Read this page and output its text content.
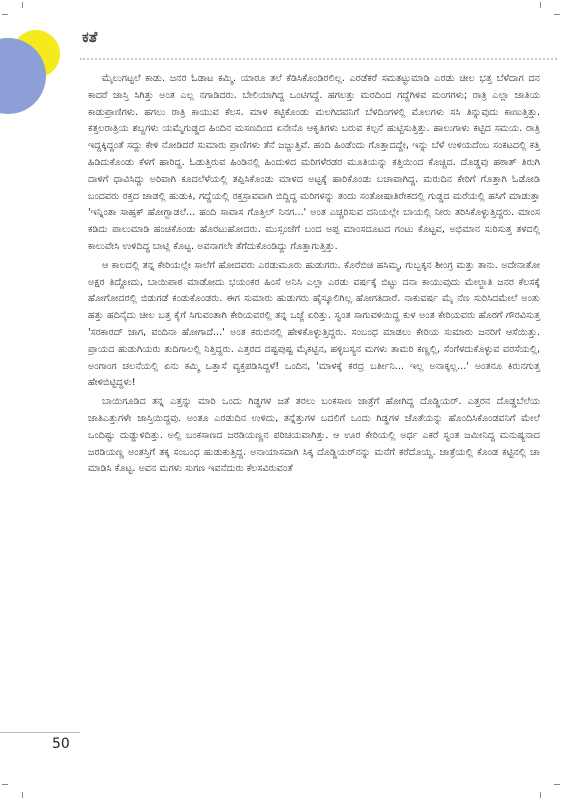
ಕತೆ

ಮೈಲುಗಟ್ಟಲೆ ಕಾಡು. ಜನರ ಓಡಾಟ ಕಮ್ಮಿ. ಯಾರೂ ತಲೆ ಕೆಡಿಸಿಕೊಂಡಿರಲಿಲ್ಲ. ಎರಡೆಕರೆ ಸಮತಟ್ಟುಮಾಡಿ ಎರಡು ಚೀಲ ಭತ್ತ ಬೆಳೆದಾಗ ದನ ಕಾದರೆ ಜಾಸ್ತಿ ಸಿಗಿತ್ತು ಅಂತ ಎಲ್ಲ ನಗಾಡಿದರು. ಬೇಲಿಯಾಗಿದ್ದ ಒಂಟಿಗದ್ದೆ. ಹಗಲತ್ತು ಮರದಿಂದ ಗದ್ದೆಗಿಳಿವ ಮಂಗಗಳು; ರಾತ್ರಿ ಎಲ್ಲಾ ಜಾತಿಯ ಕಾಡುಪ್ರಾಣಿಗಳು. ಹಗಲು ರಾತ್ರಿ ಕಾಯುವ ಕೆಲಸ. ಮಾಳ ಕಟ್ಟಿಕೊಂಡು ಮಲಗಿದವನಿಗೆ ಬೆಳದಿಂಗಳಲ್ಲಿ ಮೊಲಗಳು ಸಸಿ ತಿನ್ನುವುದು ಕಾಣುತ್ತಿತ್ತು. ಕತ್ತಲರಾತ್ರಿಯ ಶಬ್ದಗಳು ಯಮ್ಮೆಗುಡ್ಡದ ಹಿಂದಿನ ಮಸಣದಿಂದ ಏನೇನೊ ಆಕೃತಿಗಳು ಬರುವ ಕಲ್ಪನೆ ಹುಟ್ಟಿಸುತ್ತಿತ್ತು. ಹಾಲುಗಾಳು ಕಟ್ಟಿದ ಸಮಯ. ರಾತ್ರಿ ಇದ್ದಕ್ಕಿದ್ದಂತೆ ಸದ್ದು ಕೇಳಿ ನೋಡಿದರೆ ಸುಮಾರು ಪ್ರಾಣಿಗಳು ತೆನೆ ಜಜ್ಜುತ್ತಿವೆ. ಹಂದಿ ಹಿಂಡೆಂದು ಗೊತ್ತಾದದ್ದೇ, ಇನ್ನು ಬೆಳೆ ಉಳಿಯದೆಂಬ ಸಂಕಟದಲ್ಲಿ ಕತ್ತಿ ಹಿಡಿದುಕೊಂಡು ಕೆಳಗೆ ಹಾರಿದ್ದ. ಓಡುತ್ತಿರುವ ಹಿಂಡಿನಲ್ಲಿ ಹಿಂದುಳಿದ ಮರಿಗಳೆರಡರ ಮೂತಿಯನ್ನು ಕತ್ತಿಯಿಂದ ಕೊಚ್ಚಿದ. ದೊಡ್ಡವು ಹಠಾತ್ ತಿರುಗಿ ದಾಳಿಗೆ ಧಾವಿಸಿದ್ದು ಅರಿವಾಗಿ ಕೂದಲೆಳೆಯಲ್ಲಿ ತಪ್ಪಿಸಿಕೊಂಡು ಮಾಳದ ಅಟ್ಟಕ್ಕೆ ಹಾರಿಕೊಂಡು ಬಚಾವಾಗಿದ್ದ. ಮರುದಿನ ಕೇರಿಗೆ ಗೊತ್ತಾಗಿ ಓಡೋಡಿ ಬಂದವರು ರಕ್ತದ ಜಾಡಲ್ಲಿ ಹುಡುಕಿ, ಗದ್ದೆಯಲ್ಲಿ ರಕ್ತಸ್ರಾವವಾಗಿ ಬಿದ್ದಿದ್ದ ಮರಿಗಳನ್ನು ತಂದು ಸಂತೋಷಾತಿರೇಕದಲ್ಲಿ ಗುಡ್ಡದ ಮರೆಯಲ್ಲಿ ಹಸಿಗೆ ಮಾಡುತ್ತಾ 'ಇನ್ನಿಂತಾ ಸಾಹ್ಸಕ್ ಹೋಗ್ಬಾಡಲೆ... ಹಂದಿ ಸಾವಾಸ ಗೊತ್ತಿಲ್ ನಿನಗ...' ಅಂತ ಎಚ್ಚರಿಸುವ ದನಿಯಲ್ಲೇ ಬಾಯಲ್ಲಿ ನೀರು ತರಿಸಿಕೊಳ್ಳುತ್ತಿದ್ದರು. ಮಾಂಸ ಕಡಿದು ಪಾಲುಮಾಡಿ ಹಂಚಿಕೊಂಡು ಹೊರಟುಹೋದರು. ಮುಸ್ಸಂಜೆಗೆ ಬಂದ ಅಪ್ಪ ಮಾಂಸದೂಟದ ಗಂಟು ಕೊಟ್ಟವ, ಅಭಿಮಾನ ಸುರಿಸುತ್ತ ತಳದಲ್ಲಿ ಕಾಲುವೇಸಿ ಉಳಿದಿದ್ದ ಬಾಟ್ಲಿ ಕೊಟ್ಟ. ಅವನಾಗಲೇ ತೆಗೆದುಕೊಂಡಿದ್ದು ಗೊತ್ತಾಗುತ್ತಿತ್ತು.

ಆ ಕಾಲದಲ್ಲಿ ತನ್ನ ಕೇರಿಯಲ್ಲೇ ಸಾಲೆಗೆ ಹೋದವರು ಎರಡುಮೂರು ಹುಡುಗರು. ಕೊರೆಬಿಚಿ ಹಸಿಮ್ಮ, ಗುಬ್ಬಕ್ಕನ ಶೀಂಗ್ರ ಮತ್ತು ತಾನು. ಅದೇನಾತೋ ಅಕ್ಷರ ತಿದ್ದೋದು, ಬಾಯಿಪಾಠ ಮಾಡೋದು ಭಯಂಕರ ಹಿಂಸೆ ಅನಿಸಿ ಎಲ್ಲಾ ಎರಡು ವರ್ಷಕ್ಕೆ ಬಿಟ್ಟು ದನಾ ಕಾಯುವುದು ಮೇಲ್ಜಾತಿ ಜನರ ಕೆಲಸಕ್ಕೆ ಹೋಗೋದರಲ್ಲಿ ಬಿಡುಗಡೆ ಕಂಡುಕೊಂಡರು. ಈಗ ಸುಮಾರು ಹುಡುಗರು ಹೈಸ್ಕೂಲಿಗಿಲ್ಲ ಹೋಗತಿದಾರೆ. ನಾಕುವರ್ಷ ಮೈ ನೆಣ ಸುರಿಸಿದಮೇಲೆ ಅಂತು ಹತ್ತು ಹದಿನೈದು ಚೀಲ ಬತ್ತ ಕೈಗೆ ಸಿಗುವಂತಾಗಿ ಕೇರಿಯವರಲ್ಲಿ ತನ್ನ ಒಜ್ಜೆ ಏರಿತ್ತು. ಸ್ವಂತ ಸಾಗುವಳಿಯಿದ್ದ ಕುಳ ಅಂತ ಕೇರಿಯವರು ಹೊರಗೆ ಗೌರವಿಸುತ್ತ 'ಸರಕಾರದ್ ಜಾಗ, ವಂದಿನಾ ಹೋಗಾದೆ...' ಅಂತ ಕರುಬಿನಲ್ಲಿ ಹೇಳಿಕೊಳ್ಳುತ್ತಿದ್ದರು. ಸಂಬಂಧ ಮಾಡಲು ಕೇರಿಯ ಸುಮಾರು ಜನರಿಗೆ ಆಸೆಯಿತ್ತು. ಪ್ರಾಯದ ಹುಡುಗಿಯರು ತುದಿಗಾಲಲ್ಲಿ ನಿತ್ತಿದ್ದರು. ಎತ್ತರದ ದಷ್ಟಪುಷ್ಟ ಮೈಕಟ್ಟಿನ, ಹಳ್ಳಿಬಸ್ಯನ ಮಗಳು ತಾಮರಿ ಕಣ್ಣಲ್ಲಿ, ಸೆಂಗೆಳದುಕೊಳ್ಳುವ ವರಸೆಯಲ್ಲಿ, ಅಂಗಾಂಗ ಚಲನೆಯಲ್ಲಿ ಏನು ಕಮ್ಮಿ ಒತ್ತಾಸೆ ವ್ಯಕ್ತಪಡಿಸಿದ್ದಳೆ! ಒಂದಿನ, 'ಮಾಳಕ್ಕೆ ಕರದ್ರ ಬರ್ತೀನಿ... ಇಲ್ಲ ಅನಾಕ್ಕಲ್ಲ...' ಅಂತನೂ ಕಿರುನಗುತ್ತ ಹೇಳಿಬಿಟ್ಟಿದ್ದಳು!

ಬಾಯಿಗೂಡಿದ ತನ್ನ ಎತ್ತನ್ನು ಮಾರಿ ಒಂದು ಗಿಡ್ಡಗಳ ಜತೆ ತರಲು ಬಂಕಸಾಣ ಜಾತ್ರೆಗೆ ಹೋಗಿದ್ದ ದೊಡ್ಡಿಯರ್. ಎತ್ತರನ ದೊಡ್ಡಬೆಲೆಯ ಜಾತಿಎತ್ತುಗಳೇ ಜಾಸ್ತಿಯಿದ್ದವು. ಅಂತೂ ಎರಡುದಿನ ಉಳಿದು, ತನ್ನೆತ್ತುಗಳ ಬದಲಿಗೆ ಒಂದು ಗಿಡ್ಡಗಳ ಜೊತೆಯನ್ನು ಹೊಂದಿಸಿಕೊಂಡವನಿಗೆ ಮೇಲೆ ಒಂದಿಷ್ಟು ದುಡ್ಡುಳಿದಿತ್ತು. ಅಲ್ಲಿ ಬಂಕಸಾಣದ ಜರಡಿಯಣ್ಣನ ಪರಿಚಯವಾಗಿತ್ತು. ಆ ಊರ ಕೇರಿಯಲ್ಲಿ ಅರ್ಧ ಎಕರೆ ಸ್ವಂತ ಜಮೀನಿದ್ದ ಮನುಷ್ಯನಾದ ಜರಡಿಯಣ್ಣ ಅಂತಸ್ತಿಗೆ ತಕ್ಕ ಸಂಬಂಧ ಹುಡುಕುತ್ತಿದ್ದ. ಅನಾಯಾಸವಾಗಿ ಸಿಕ್ಕ ದೊಡ್ಡಿಯರ್‌ನನ್ನು ಮನೆಗೆ ಕರೆದೊಯ್ದ. ಜಾತ್ರೆಯಲ್ಲಿ ಕೊಂಡ ಕಟ್ಟಿನಲ್ಲಿ ಚಾ ಮಾಡಿಸಿ ಕೊಟ್ಟ. ಅವನ ಮಗಳು ಸುಗಣ ಇವನೆದುರು ಕೆಲಸವಿರುವಂತೆ

50
